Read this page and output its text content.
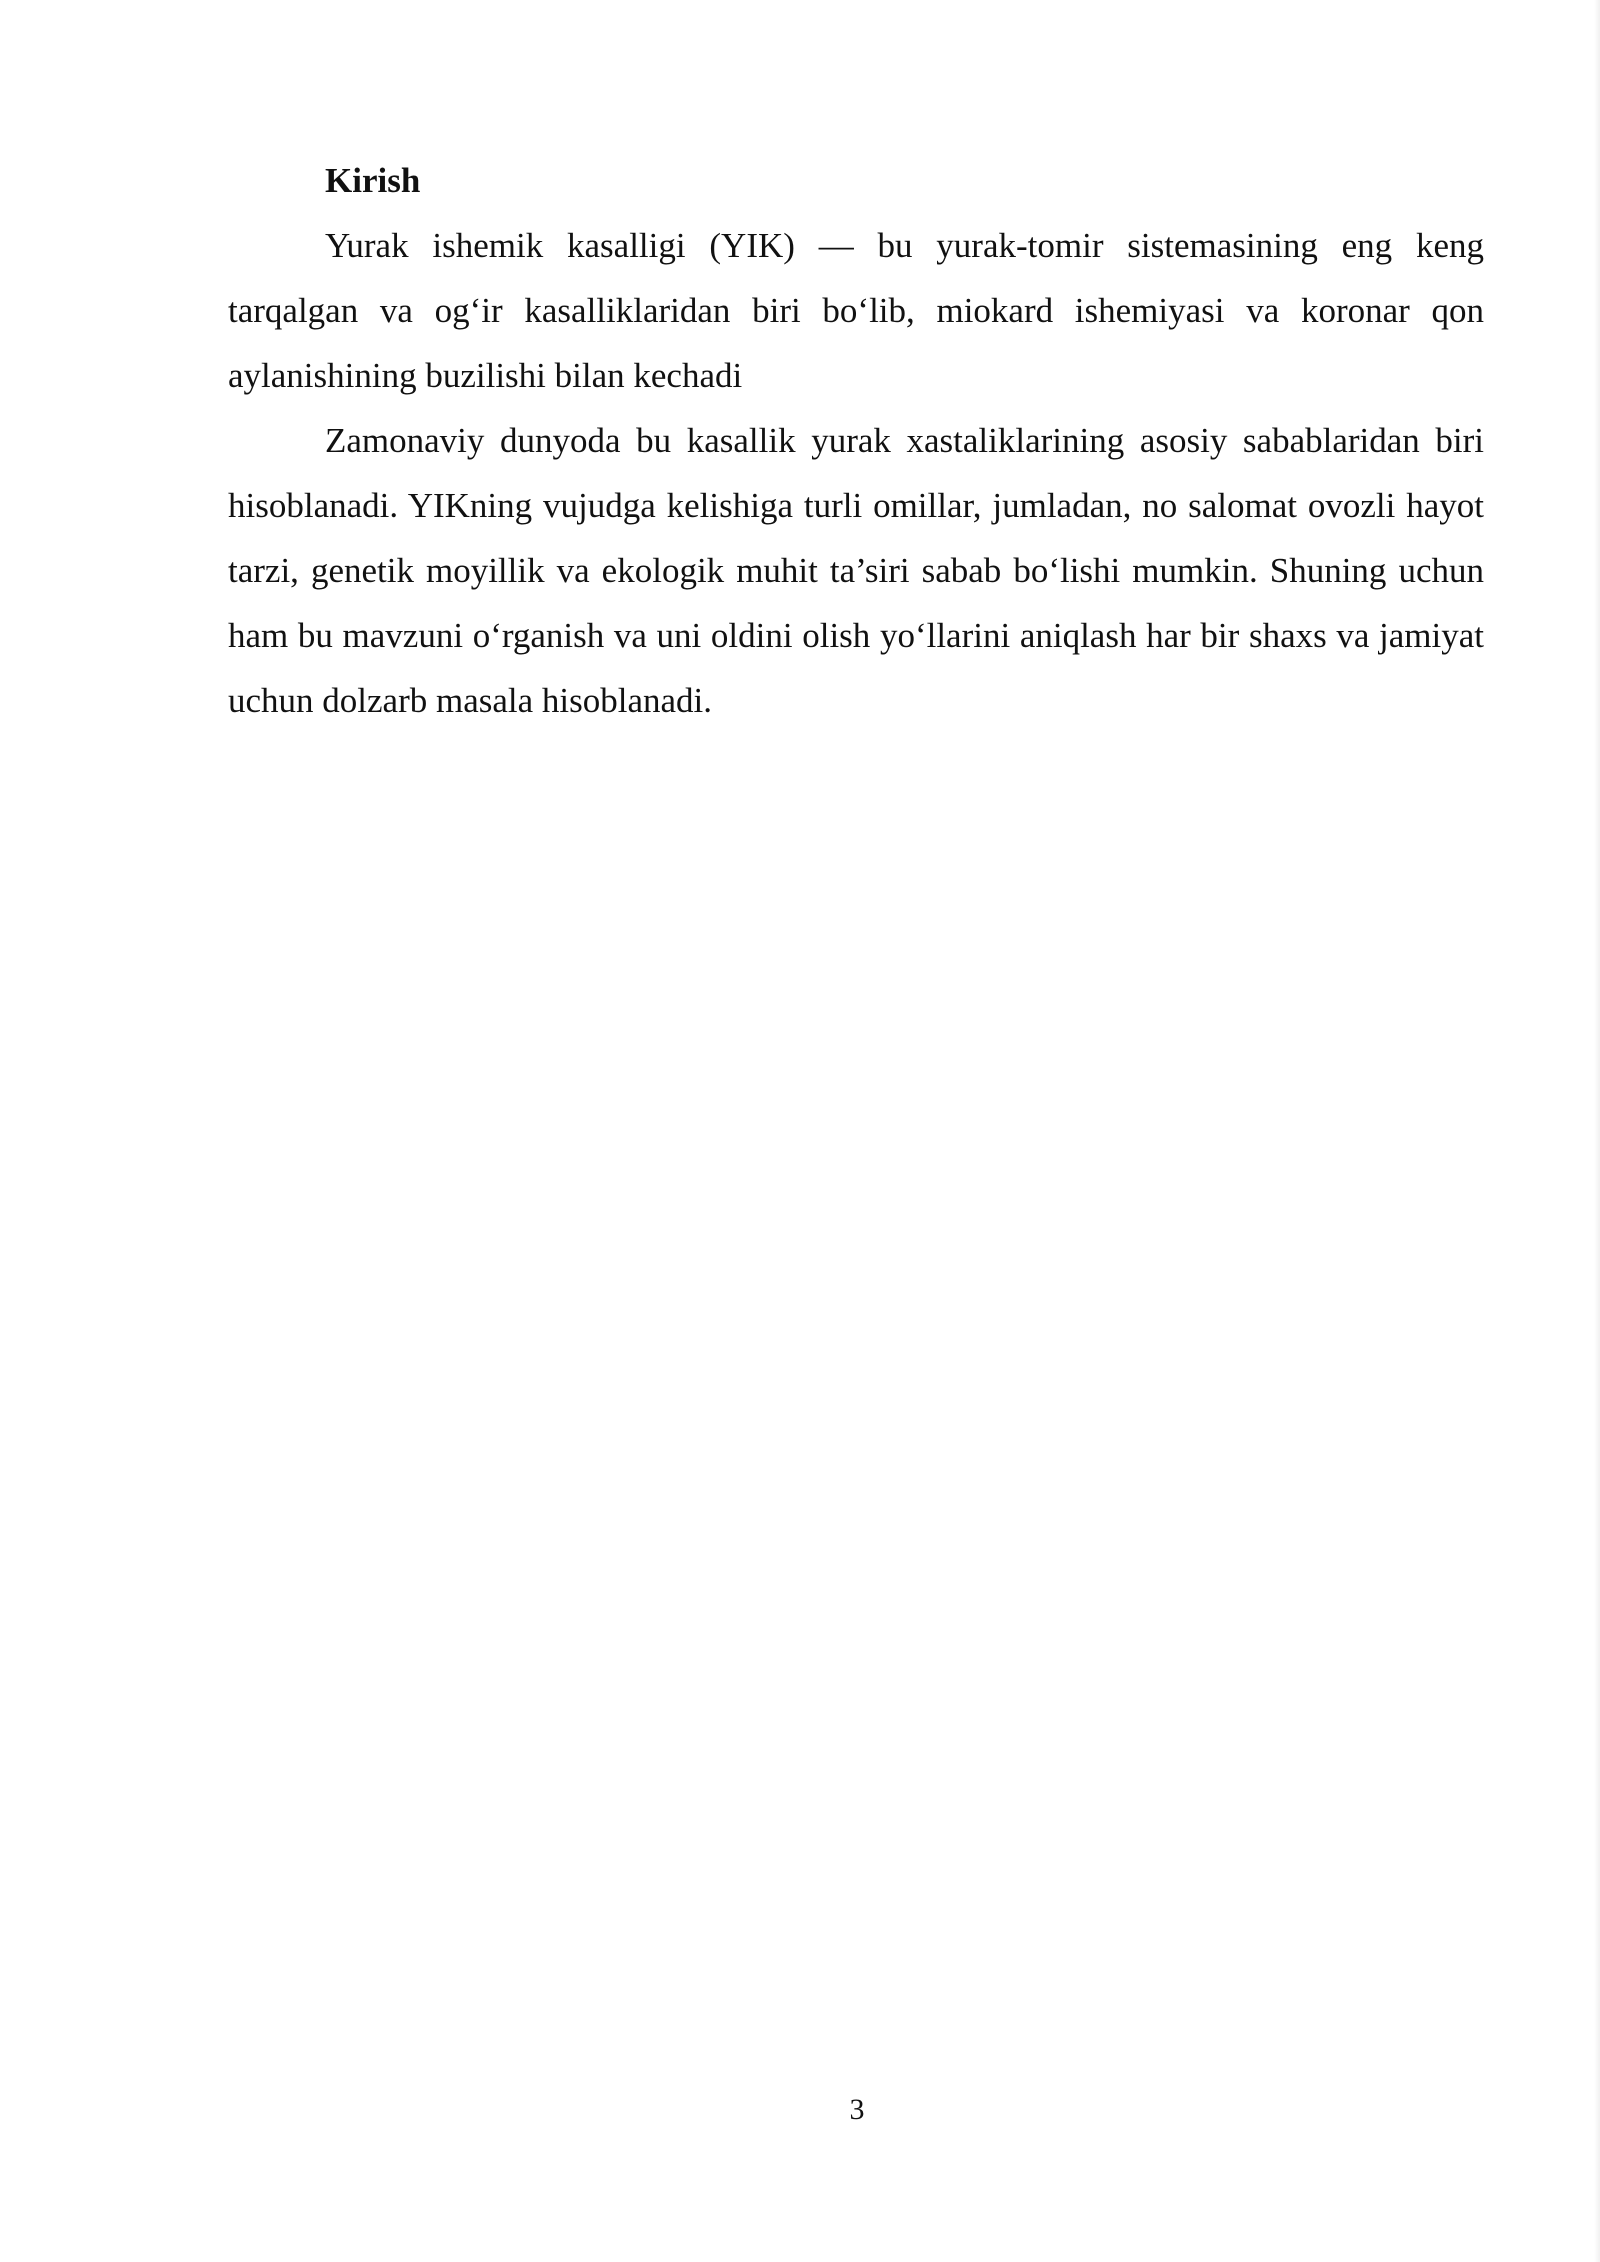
Kirish

Yurak ishemik kasalligi (YIK) — bu yurak-tomir sistemasining eng keng tarqalgan va og‘ir kasalliklaridan biri bo‘lib, miokard ishemiyasi va koronar qon aylanishining buzilishi bilan kechadi

Zamonaviy dunyoda bu kasallik yurak xastaliklarining asosiy sabablaridan biri hisoblanadi. YIKning vujudga kelishiga turli omillar, jumladan, no salomat ovozli hayot tarzi, genetik moyillik va ekologik muhit ta’siri sabab bo‘lishi mumkin. Shuning uchun ham bu mavzuni o‘rganish va uni oldini olish yo‘llarini aniqlash har bir shaxs va jamiyat uchun dolzarb masala hisoblanadi.

3
